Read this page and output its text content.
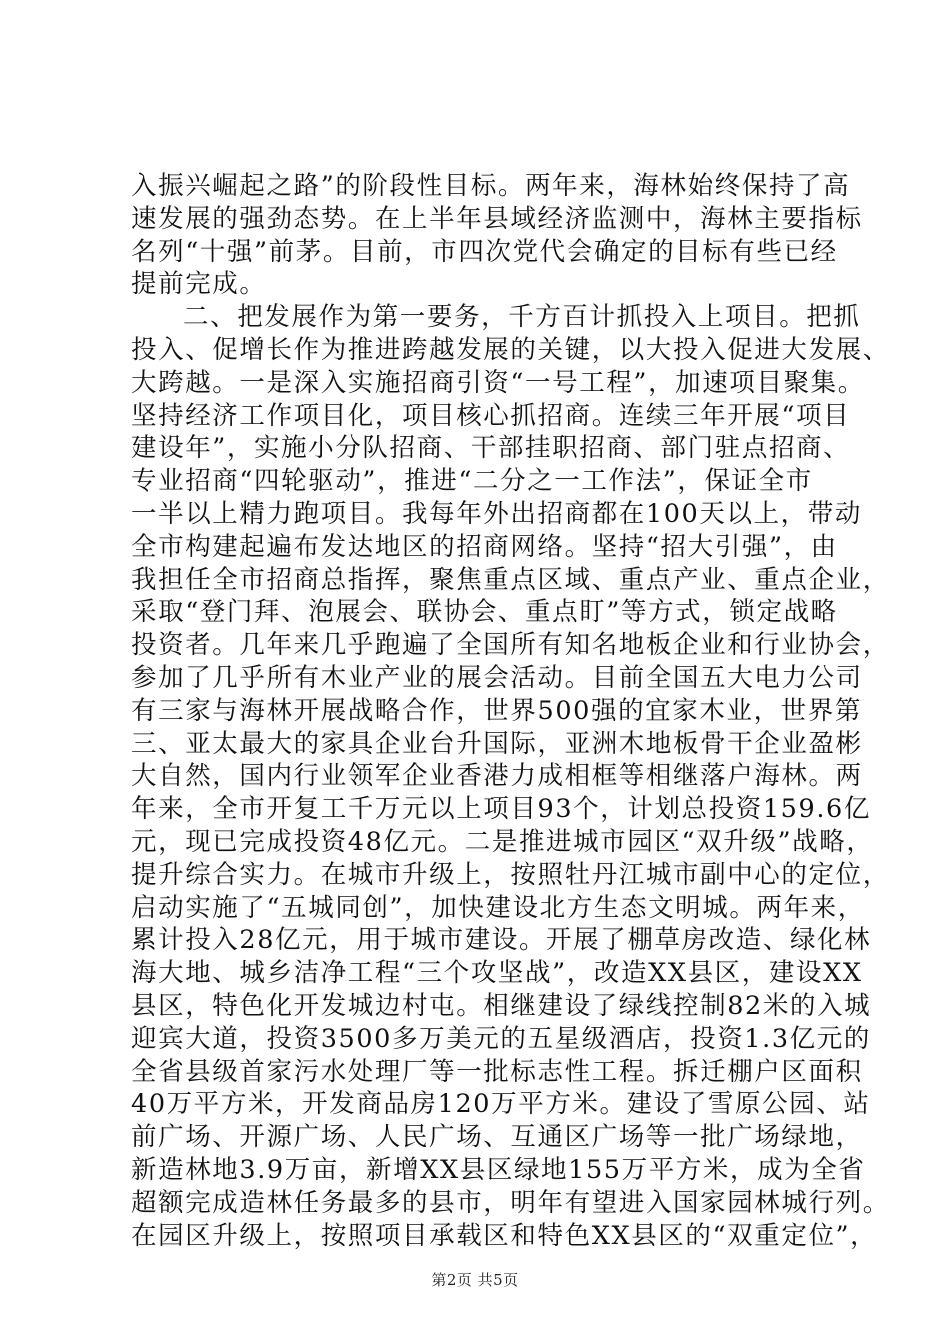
入振兴崛起之路”的阶段性目标。两年来，海林始终保持了高
速发展的强劲态势。在上半年县域经济监测中，海林主要指标
名列“十强”前茅。目前，市四次党代会确定的目标有些已经
提前完成。
二、把发展作为第一要务，千方百计抓投入上项目。把抓
投入、促增长作为推进跨越发展的关键，以大投入促进大发展、
大跨越。一是深入实施招商引资“一号工程”，加速项目聚集。
坚持经济工作项目化，项目核心抓招商。连续三年开展“项目
建设年”，实施小分队招商、干部挂职招商、部门驻点招商、
专业招商“四轮驱动”，推进“二分之一工作法”，保证全市
一半以上精力跑项目。我每年外出招商都在100天以上，带动
全市构建起遍布发达地区的招商网络。坚持“招大引强”，由
我担任全市招商总指挥，聚焦重点区域、重点产业、重点企业，
采取“登门拜、泡展会、联协会、重点盯”等方式，锁定战略
投资者。几年来几乎跑遍了全国所有知名地板企业和行业协会，
参加了几乎所有木业产业的展会活动。目前全国五大电力公司
有三家与海林开展战略合作，世界500强的宜家木业，世界第
三、亚太最大的家具企业台升国际，亚洲木地板骨干企业盈彬
大自然，国内行业领军企业香港力成相框等相继落户海林。两
年来，全市开复工千万元以上项目93个，计划总投资159.6亿
元，现已完成投资48亿元。二是推进城市园区“双升级”战略，
提升综合实力。在城市升级上，按照牡丹江城市副中心的定位，
启动实施了“五城同创”，加快建设北方生态文明城。两年来，
累计投入28亿元，用于城市建设。开展了棚草房改造、绿化林
海大地、城乡洁净工程“三个攻坚战”，改造XX县区，建设XX
县区，特色化开发城边村屯。相继建设了绿线控制82米的入城
迎宾大道，投资3500多万美元的五星级酒店，投资1.3亿元的
全省县级首家污水处理厂等一批标志性工程。拆迁棚户区面积
40万平方米，开发商品房120万平方米。建设了雪原公园、站
前广场、开源广场、人民广场、互通区广场等一批广场绿地，
新造林地3.9万亩，新增XX县区绿地155万平方米，成为全省
超额完成造林任务最多的县市，明年有望进入国家园林城行列。
在园区升级上，按照项目承载区和特色XX县区的“双重定位”，
第2页 共5页
